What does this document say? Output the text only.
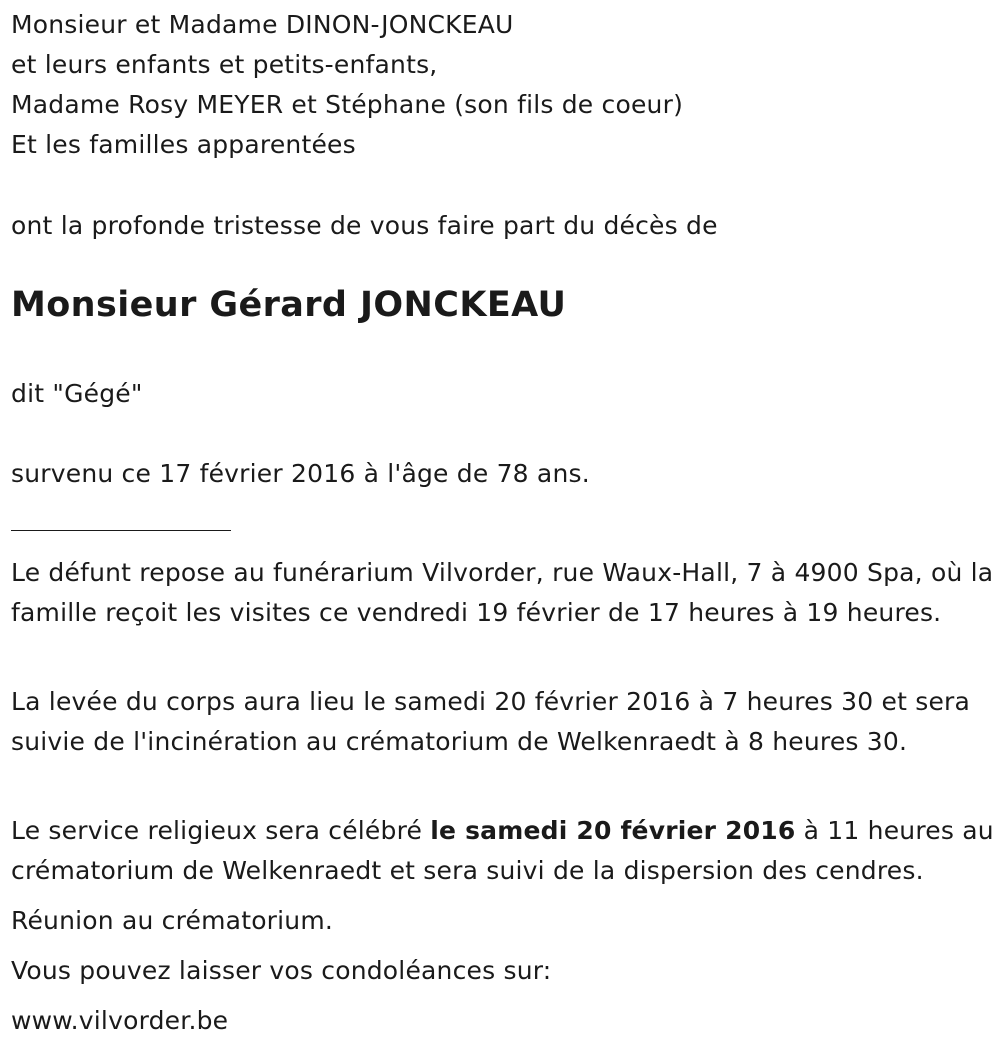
Monsieur et Madame DINON-JONCKEAU
et leurs enfants et petits-enfants,
Madame Rosy MEYER et Stéphane (son fils de coeur)
Et les familles apparentées
ont la profonde tristesse de vous faire part du décès de
Monsieur Gérard JONCKEAU
dit "Gégé"
survenu ce 17 février 2016 à l'âge de 78 ans.
Le défunt repose au funérarium Vilvorder, rue Waux-Hall, 7 à 4900 Spa, où la famille reçoit les visites ce vendredi 19 février de 17 heures à 19 heures.
La levée du corps aura lieu le samedi 20 février 2016 à 7 heures 30 et sera suivie de l'incinération au crématorium de Welkenraedt à 8 heures 30.
Le service religieux sera célébré le samedi 20 février 2016 à 11 heures au crématorium de Welkenraedt et sera suivi de la dispersion des cendres.
Réunion au crématorium.
Vous pouvez laisser vos condoléances sur:
www.vilvorder.be
